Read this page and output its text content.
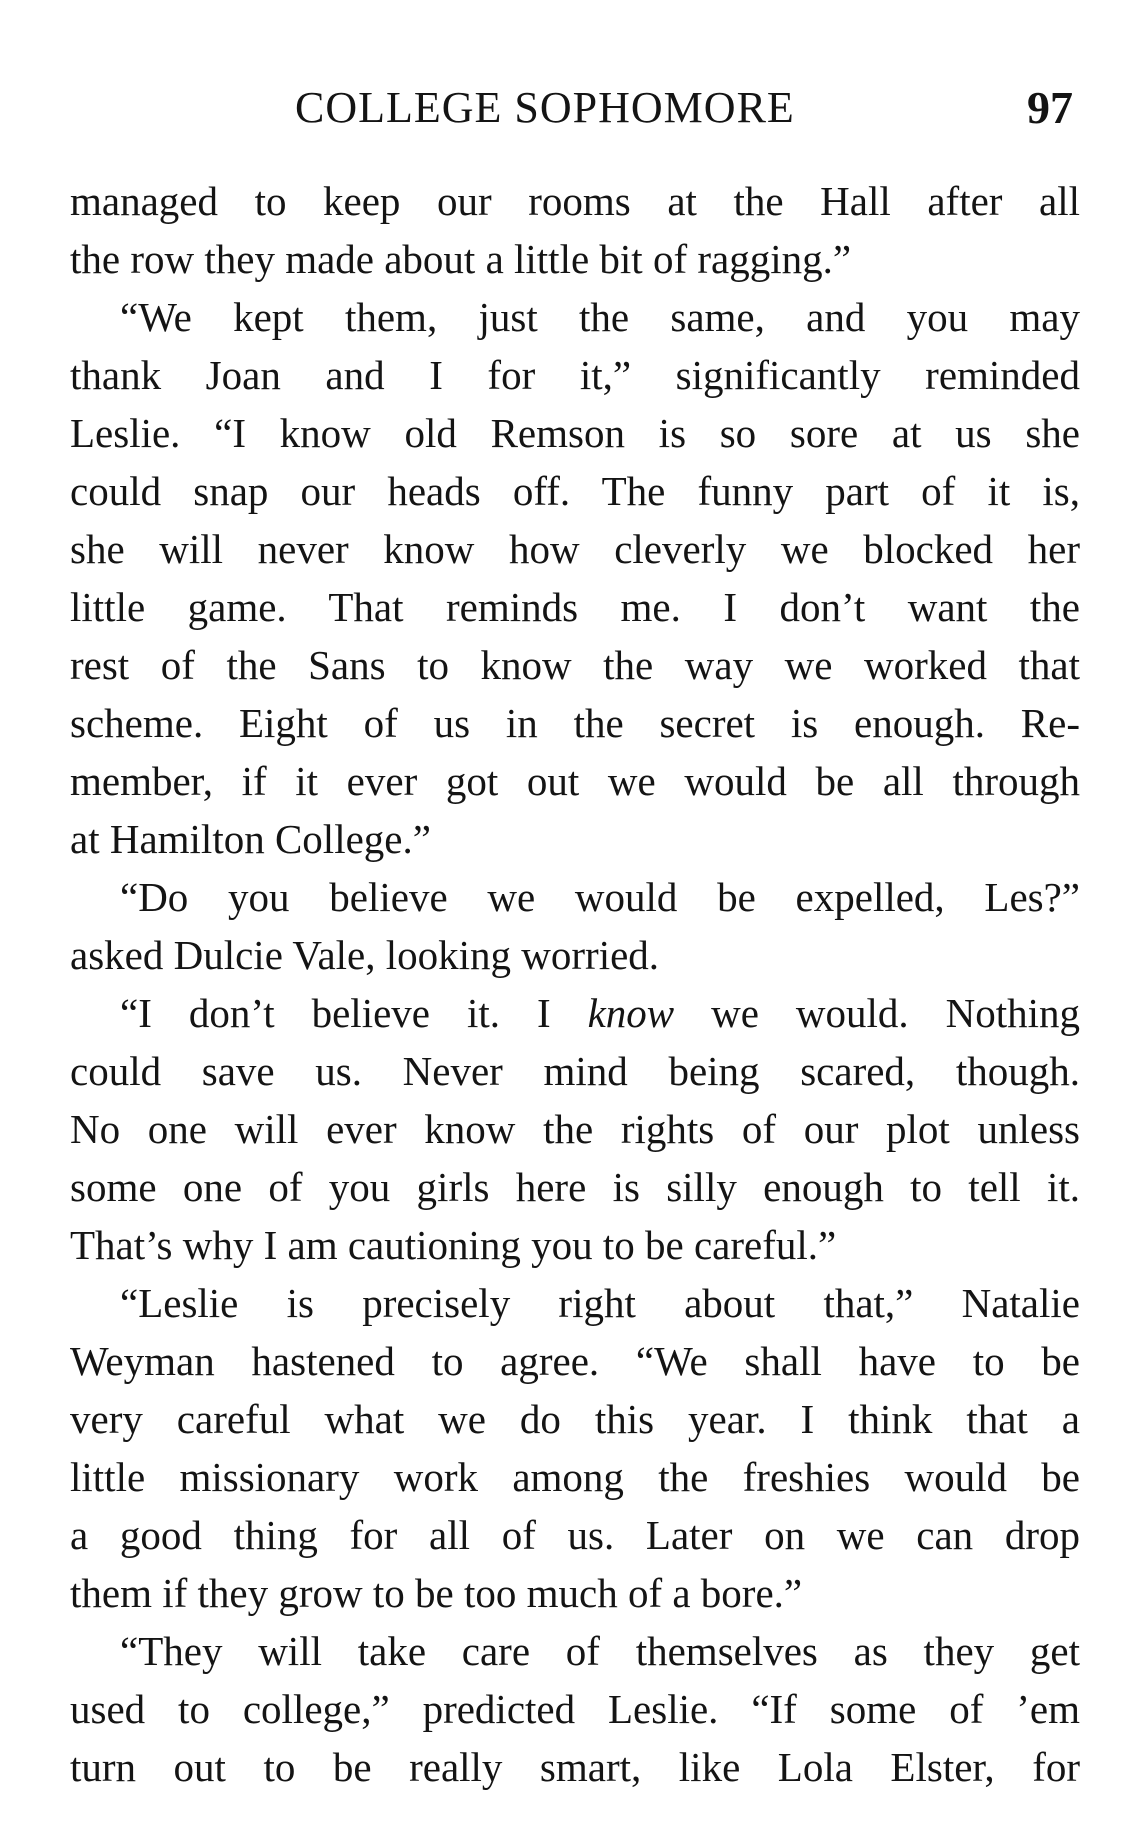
COLLEGE SOPHOMORE	97
managed to keep our rooms at the Hall after all
the row they made about a little bit of ragging.”
“We kept them, just the same, and you may
thank Joan and I for it,” significantly reminded
Leslie. “I know old Remson is so sore at us she
could snap our heads off. The funny part of it is,
she will never know how cleverly we blocked her
little game. That reminds me. I don’t want the
rest of the Sans to know the way we worked that
scheme. Eight of us in the secret is enough. Re-
member, if it ever got out we would be all through
at Hamilton College.”
“Do you believe we would be expelled, Les?”
asked Dulcie Vale, looking worried.
“I don’t believe it. I know we would. Nothing
could save us. Never mind being scared, though.
No one will ever know the rights of our plot unless
some one of you girls here is silly enough to tell it.
That’s why I am cautioning you to be careful.”
“Leslie is precisely right about that,” Natalie
Weyman hastened to agree. “We shall have to be
very careful what we do this year. I think that a
little missionary work among the freshies would be
a good thing for all of us. Later on we can drop
them if they grow to be too much of a bore.”
“They will take care of themselves as they get
used to college,” predicted Leslie. “If some of ’em
turn out to be really smart, like Lola Elster, for
